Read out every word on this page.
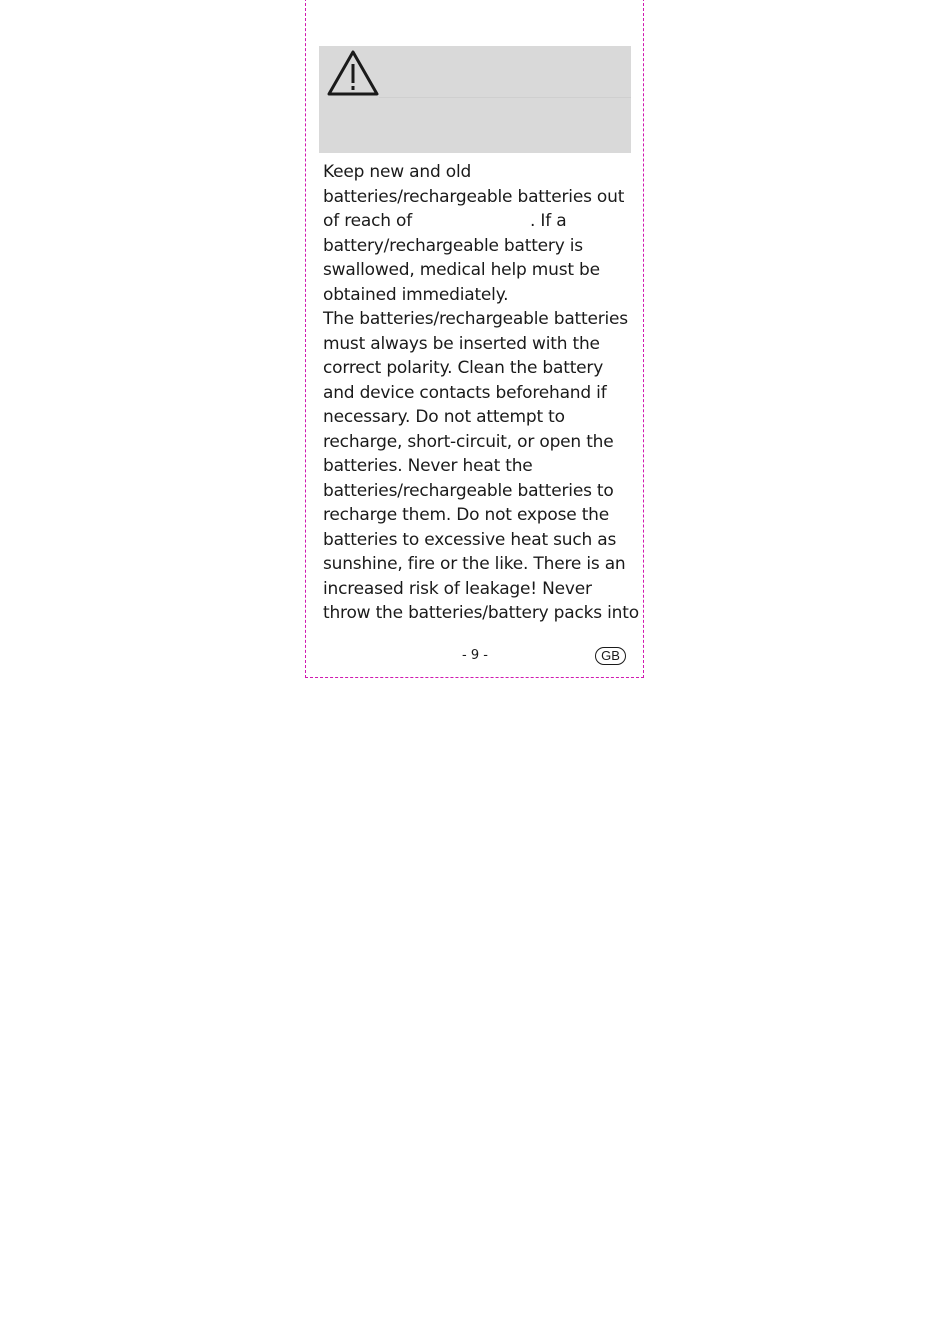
Keep new and old
batteries/rechargeable batteries out
of reach of	. If a
battery/rechargeable battery is
swallowed, medical help must be
obtained immediately.
The batteries/rechargeable batteries
must always be inserted with the
correct polarity. Clean the battery
and device contacts beforehand if
necessary. Do not attempt to
recharge, short-circuit, or open the
batteries. Never heat the
batteries/rechargeable batteries to
recharge them. Do not expose the
batteries to excessive heat such as
sunshine, fire or the like. There is an
increased risk of leakage! Never
throw the batteries/battery packs into
- 9 -	GB
